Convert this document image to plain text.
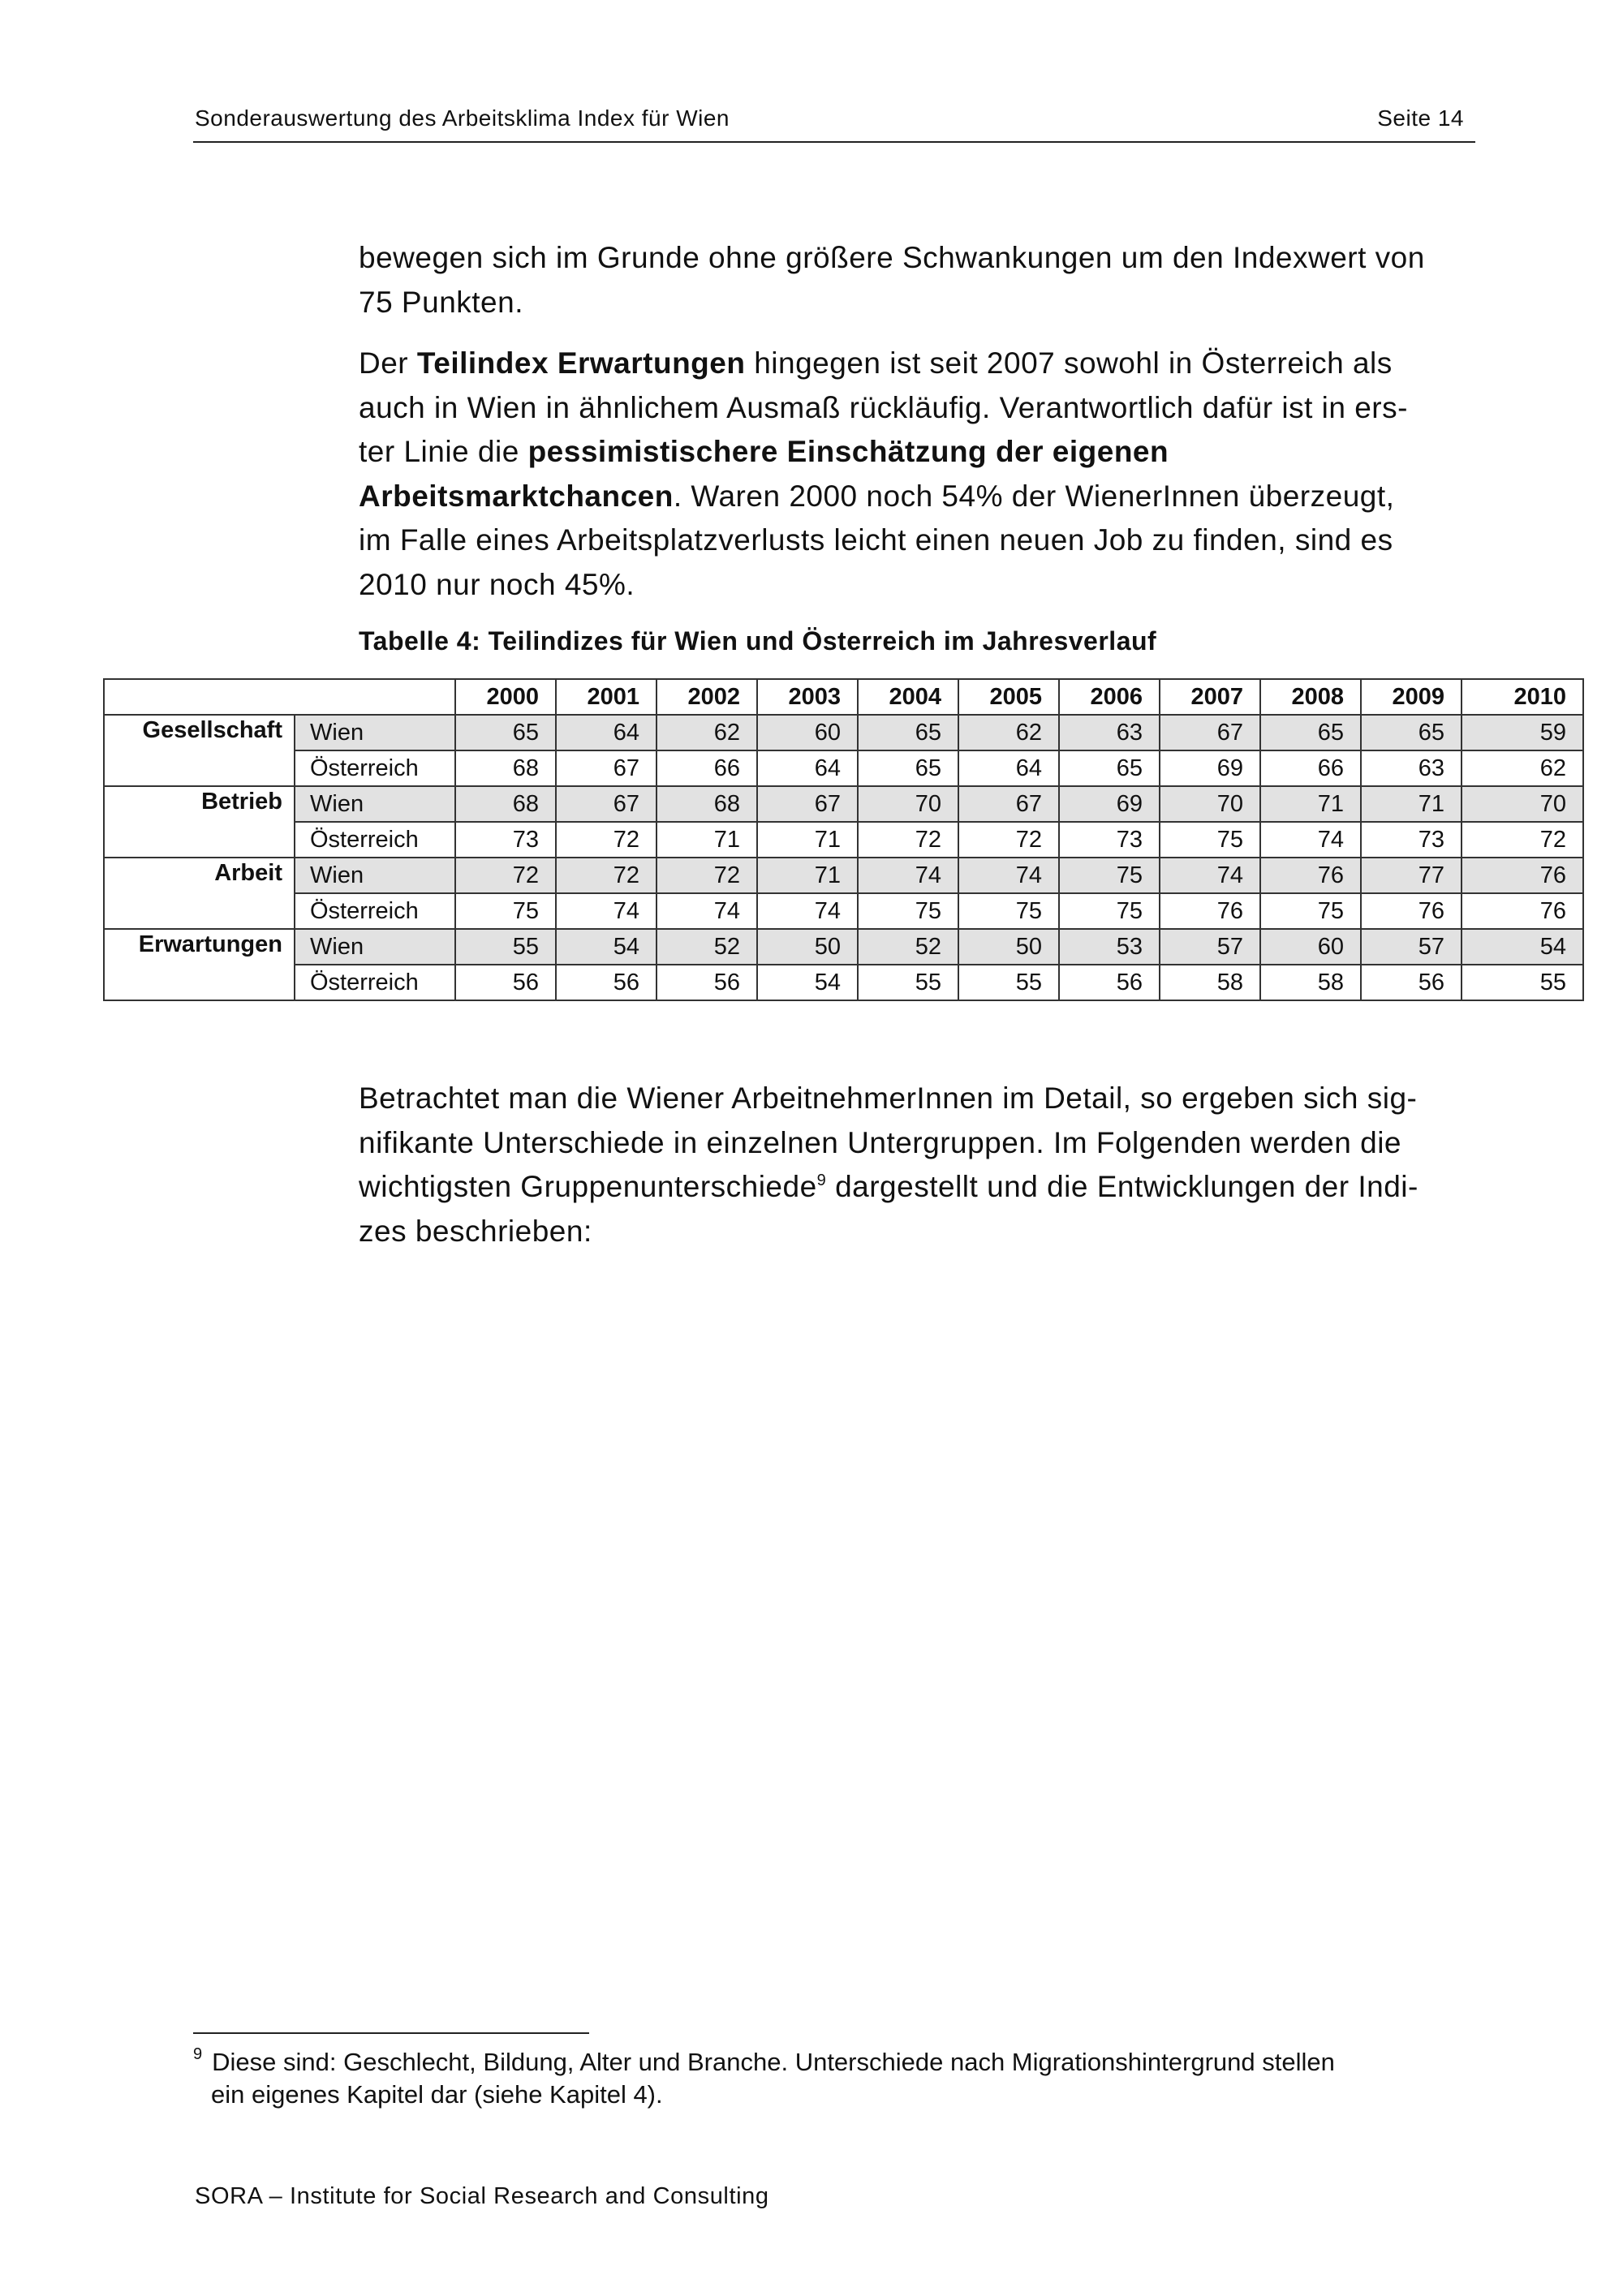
Sonderauswertung des Arbeitsklima Index für Wien	Seite 14

bewegen sich im Grunde ohne größere Schwankungen um den Indexwert von
75 Punkten.

Der Teilindex Erwartungen hingegen ist seit 2007 sowohl in Österreich als
auch in Wien in ähnlichem Ausmaß rückläufig. Verantwortlich dafür ist in ers-
ter Linie die pessimistischere Einschätzung der eigenen
Arbeitsmarktchancen. Waren 2000 noch 54% der WienerInnen überzeugt,
im Falle eines Arbeitsplatzverlusts leicht einen neuen Job zu finden, sind es
2010 nur noch 45%.

Tabelle 4: Teilindizes für Wien und Österreich im Jahresverlauf
		2000	2001	2002	2003	2004	2005	2006	2007	2008	2009	2010
Gesellschaft	Wien	65	64	62	60	65	62	63	67	65	65	59
	Österreich	68	67	66	64	65	64	65	69	66	63	62
Betrieb	Wien	68	67	68	67	70	67	69	70	71	71	70
	Österreich	73	72	71	71	72	72	73	75	74	73	72
Arbeit	Wien	72	72	72	71	74	74	75	74	76	77	76
	Österreich	75	74	74	74	75	75	75	76	75	76	76
Erwartungen	Wien	55	54	52	50	52	50	53	57	60	57	54
	Österreich	56	56	56	54	55	55	56	58	58	56	55

Betrachtet man die Wiener ArbeitnehmerInnen im Detail, so ergeben sich sig-
nifikante Unterschiede in einzelnen Untergruppen. Im Folgenden werden die
wichtigsten Gruppenunterschiede$^9$ dargestellt und die Entwicklungen der Indi-
zes beschrieben:

$^9$ Diese sind: Geschlecht, Bildung, Alter und Branche. Unterschiede nach Migrationshintergrund stellen
ein eigenes Kapitel dar (siehe Kapitel 4).
SORA – Institute for Social Research and Consulting
